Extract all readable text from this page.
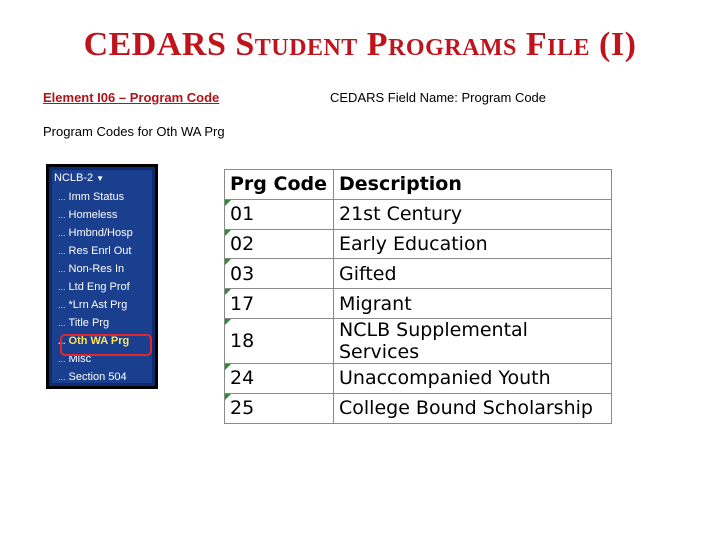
CEDARS Student Programs File (I)
Element I06 – Program Code	CEDARS Field Name: Program Code
Program Codes for Oth WA Prg
NCLB-2 ▼
... Imm Status
... Homeless
... Hmbnd/Hosp
... Res Enrl Out
... Non-Res In
... Ltd Eng Prof
... *Lrn Ast Prg
... Title Prg
... Oth WA Prg
... Misc
... Section 504
Prg Code	Description

01	21st Century

02	Early Education

03	Gifted

17	Migrant

18	NCLB Supplemental Services

24	Unaccompanied Youth

25	College Bound Scholarship
